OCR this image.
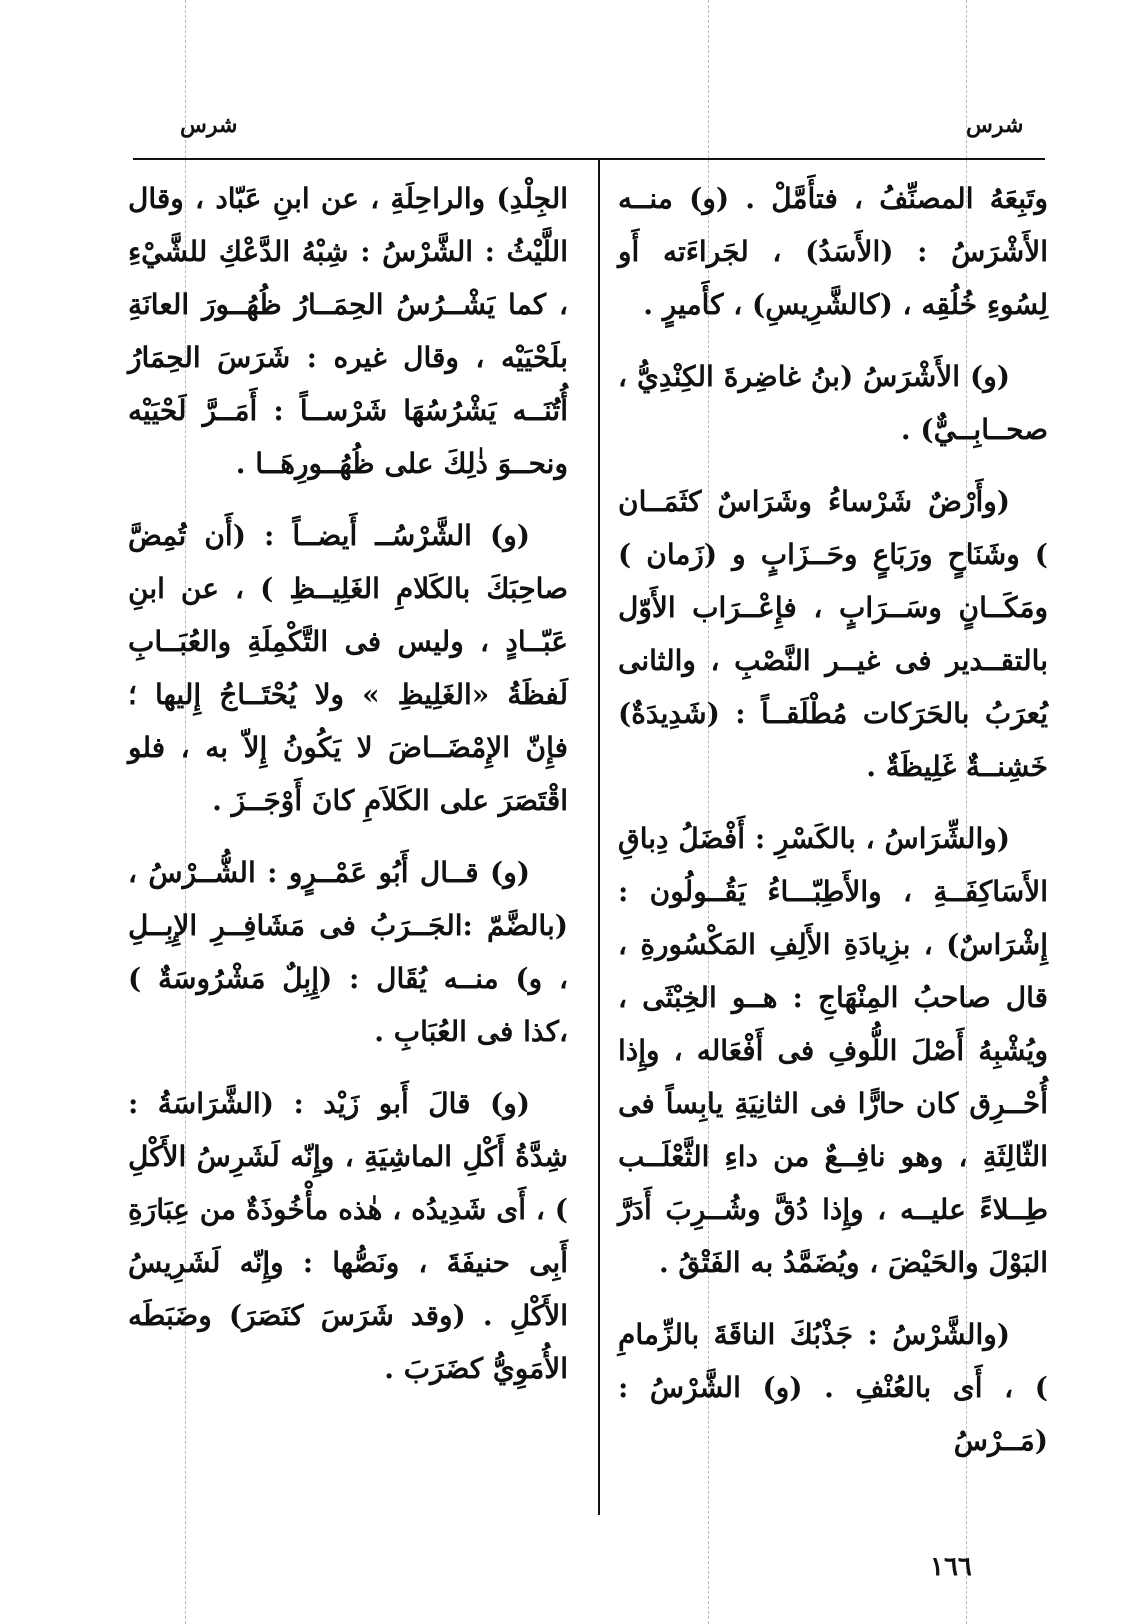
شرس
شرس

وتَبِعَهُ المصنِّفُ ، فتأَمَّلْ . (و) منــه الأَشْرَسُ : (الأَسَدُ) ، لجَراءَته أَو لِسُوءِ خُلُقِه ، (كالشَّرِيسِ) ، كأَميرٍ .

(و) الأَشْرَسُ (بنُ غاضِرةَ الكِنْدِيُّ ، صحــابِــيٌّ) .

(وأَرْضٌ شَرْساءُ وشَرَاسٌ كثَمَــان ) وشَنَاحٍ ورَبَاعٍ وحَــزَابٍ و (زَمان ) ومَكَــانٍ وسَــرَابٍ ، فإِعْــرَاب الأَوّل بالتقــدير فى غيــر النَّصْبِ ، والثانى يُعرَبُ بالحَرَكات مُطْلَقــاً : (شَدِيدَةٌ) خَشِنــةٌ غَلِيظَةٌ .

(والشِّرَاسُ ، بالكَسْرِ : أَفْضَلُ دِباقِ الأَسَاكِفَــةِ ، والأَطِبّـــاءُ يَقُــولُون : إِشْرَاسٌ) ، بزِيادَةِ الأَلِفِ المَكْسُورةِ ، قال صاحبُ المِنْهَاجِ : هــو الخِبْثَى ، ويُشْبِهُ أَصْلَ اللُّوفِ فى أَفْعَاله ، وإِذا أُحْــرِق كان حارًّا فى الثانِيَةِ يابِساً فى الثّالِثَةِ ، وهو نافِــعٌ من داءِ الثَّعْلَــب طِــلاءً عليــه ، وإِذا دُقَّ وشُــرِبَ أَدَرَّ البَوْلَ والحَيْضَ ، ويُضَمَّدُ به الفَتْقُ .

(والشَّرْسُ : جَذْبُكَ الناقَةَ بالزِّمامِ ) ، أَى بالعُنْفِ . (و) الشَّرْسُ : (مَــرْسُ

الجِلْدِ) والراحِلَةِ ، عن ابنِ عَبّاد ، وقال اللَّيْثُ : الشَّرْسُ : شِبْهُ الدَّعْكِ للشَّيْءِ ، كما يَشْــرُسُ الحِمَــارُ ظُهُــورَ العانَةِ بلَحْيَيْه ، وقال غيره : شَرَسَ الحِمَارُ أُتُنَــه يَشْرُسُهَا شَرْســاً : أَمَــرَّ لَحْيَيْه ونحــوَ ذٰلِكَ على ظُهُــورِهَــا .

(و) الشَّرْسُــ أَيضــاً : (أَن تُمِضَّ صاحِبَكَ بالكَلامِ الغَلِيــظِ ) ، عن ابنِ عَبّــادٍ ، وليس فى التَّكْمِلَةِ والعُبَــابِ لَفظَةُ «الغَلِيظِ » ولا يُحْتَــاجُ إِليها ؛ فإِنّ الإِمْضَــاضَ لا يَكُونُ إِلاّ به ، فلو اقْتَصَرَ على الكَلاَمِ كانَ أَوْجَــزَ .

(و) قــال أَبُو عَمْــرٍو : الشُّــرْسُ ، (بالضَّمّ :الجَــرَبُ فى مَشَافِــرِ الإِبِــلِ ، و) منــه يُقَال : (إِبِلٌ مَشْرُوسَةٌ ) ،كذا فى العُبَابِ .

(و) قالَ أَبو زَيْد : (الشَّرَاسَةُ : شِدَّةُ أَكْلِ الماشِيَةِ ، وإِنّه لَشَرِسُ الأَكْلِ ) ، أَى شَدِيدُه ، هٰذه مأْخُوذَةٌ من عِبَارَةِ أَبِى حنيفَةَ ، ونَصُّها : وإِنّه لَشَرِيسُ الأَكْلِ . (وقد شَرَسَ كنَصَرَ) وضَبَطَه الأُمَوِيُّ كضَرَبَ .

١٦٦
